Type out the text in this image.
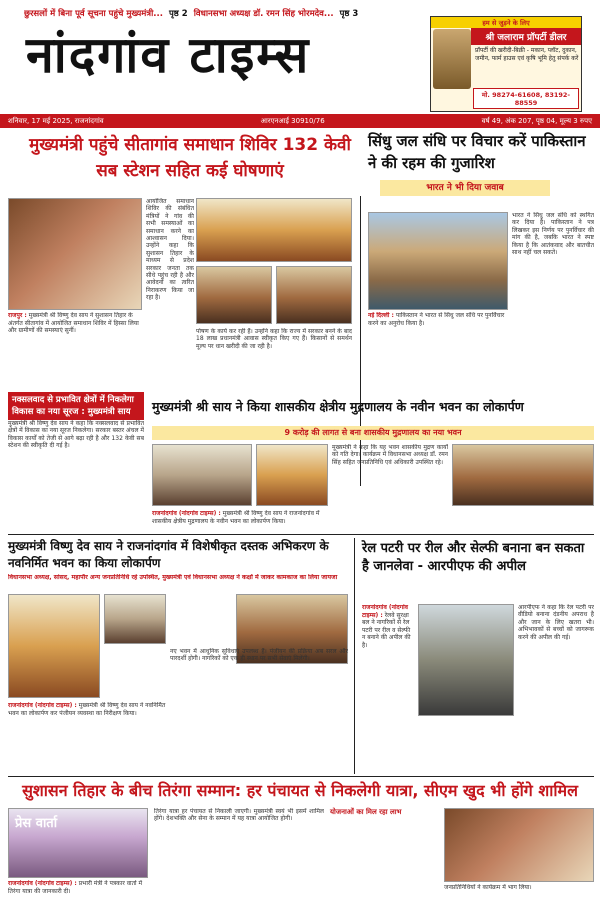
छुरसलों में बिना पूर्व सूचना पहुंचे मुख्यमंत्री... पृष्ठ 2 विधानसभा अध्यक्ष डॉ. रमन सिंह भोरमदेव... पृष्ठ 3
नांदगांव टाइम्स
हम से जुड़ने के लिए
श्री जलाराम प्रॉपर्टी डीलर
प्रॉपर्टी की खरीदी-बिक्री - मकान, प्लॉट, दुकान, जमीन, फार्म हाउस एवं कृषि भूमि हेतु संपर्क करें
मो. 98274-61608, 83192-88559
शनिवार, 17 मई 2025, राजनांदगांव	आरएनआई 30910/76	वर्ष 49, अंक 207, पृष्ठ 04, मूल्य 3 रुपए
मुख्यमंत्री पहुंचे सीतागांव समाधान शिविर 132 केवी सब स्टेशन सहित कई घोषणाएं
राजपुर : मुख्यमंत्री श्री विष्णु देव साय ने सुशासन तिहार के अंतर्गत सीतागांव में आयोजित समाधान शिविर में हिस्सा लिया और ग्रामीणों की समस्याएं सुनीं।
आयोजित समाधान शिविर की संबंधित मंत्रियों ने गांव की सभी समस्याओं का समाधान करने का आश्वासन दिया। उन्होंने कहा कि सुशासन तिहार के माध्यम से प्रदेश सरकार जनता तक सीधे पहुंच रही है और आवेदनों का त्वरित निराकरण किया जा रहा है।
पोषण के कार्य कर रही हैं। उन्होंने कहा कि राज्य में सरकार बनने के बाद 18 लाख प्रधानमंत्री आवास स्वीकृत किए गए हैं। किसानों से समर्थन मूल्य पर धान खरीदी की जा रही है।
नक्सलवाद से प्रभावित क्षेत्रों में निकलेगा विकास का नया सूरज : मुख्यमंत्री साय
मुख्यमंत्री श्री विष्णु देव साय ने कहा कि नक्सलवाद से प्रभावित क्षेत्रों में विकास का नया सूरज निकलेगा। सरकार बस्तर अंचल में विकास कार्यों को तेजी से आगे बढ़ा रही है और 132 केवी सब स्टेशन की स्वीकृति दी गई है।
सिंधु जल संधि पर विचार करें पाकिस्तान ने की रहम की गुजारिश
भारत ने भी दिया जवाब
नई दिल्ली : पाकिस्तान ने भारत से सिंधु जल संधि पर पुनर्विचार करने का अनुरोध किया है।
भारत ने सिंधु जल संधि को स्थगित कर दिया है। पाकिस्तान ने पत्र लिखकर इस निर्णय पर पुनर्विचार की मांग की है, जबकि भारत ने स्पष्ट किया है कि आतंकवाद और बातचीत साथ नहीं चल सकते।
मुख्यमंत्री श्री साय ने किया शासकीय क्षेत्रीय मुद्रणालय के नवीन भवन का लोकार्पण
9 करोड़ की लागत से बना शासकीय मुद्रणालय का नया भवन
राजनांदगांव (नांदगांव टाइम्स) : मुख्यमंत्री श्री विष्णु देव साय ने राजनांदगांव में शासकीय क्षेत्रीय मुद्रणालय के नवीन भवन का लोकार्पण किया।
मुख्यमंत्री ने कहा कि यह भवन शासकीय मुद्रण कार्यों को गति देगा। कार्यक्रम में विधानसभा अध्यक्ष डॉ. रमन सिंह सहित जनप्रतिनिधि एवं अधिकारी उपस्थित रहे।
मुख्यमंत्री विष्णु देव साय ने राजनांदगांव में विशेषीकृत दस्तक अभिकरण के नवनिर्मित भवन का किया लोकार्पण
विधानसभा अध्यक्ष, सांसद, महापौर अन्य जनप्रतिनिधि रहे उपस्थित, मुख्यमंत्री एवं विधानसभा अध्यक्ष ने कक्षों में जाकर कामकाज का लिया जायजा
राजनांदगांव (नांदगांव टाइम्स) : मुख्यमंत्री श्री विष्णु देव साय ने नवनिर्मित भवन का लोकार्पण कर पंजीयन व्यवस्था का निरीक्षण किया।
नए भवन में आधुनिक सुविधाएं उपलब्ध हैं। पंजीयन की प्रक्रिया अब सरल और पारदर्शी होगी। नागरिकों को एक ही स्थान पर सभी सेवाएं मिलेंगी।
रेल पटरी पर रील और सेल्फी बनाना बन सकता है जानलेवा - आरपीएफ की अपील
राजनांदगांव (नांदगांव टाइम्स) : रेलवे सुरक्षा बल ने नागरिकों से रेल पटरी पर रील व सेल्फी न बनाने की अपील की है।
आरपीएफ ने कहा कि रेल पटरी पर वीडियो बनाना दंडनीय अपराध है और जान के लिए खतरा भी। अभिभावकों से बच्चों को जागरूक करने की अपील की गई।
सुशासन तिहार के बीच तिरंगा सम्मान: हर पंचायत से निकलेगी यात्रा, सीएम खुद भी होंगे शामिल
प्रेस वार्ता
राजनांदगांव (नांदगांव टाइम्स) : प्रभारी मंत्री ने पत्रकार वार्ता में तिरंगा यात्रा की जानकारी दी।
तिरंगा यात्रा हर पंचायत से निकाली जाएगी। मुख्यमंत्री स्वयं भी इसमें शामिल होंगे। देशभक्ति और सेना के सम्मान में यह यात्रा आयोजित होगी।
योजनाओं का मिल रहा लाभ
जनप्रतिनिधियों ने कार्यक्रम में भाग लिया।
